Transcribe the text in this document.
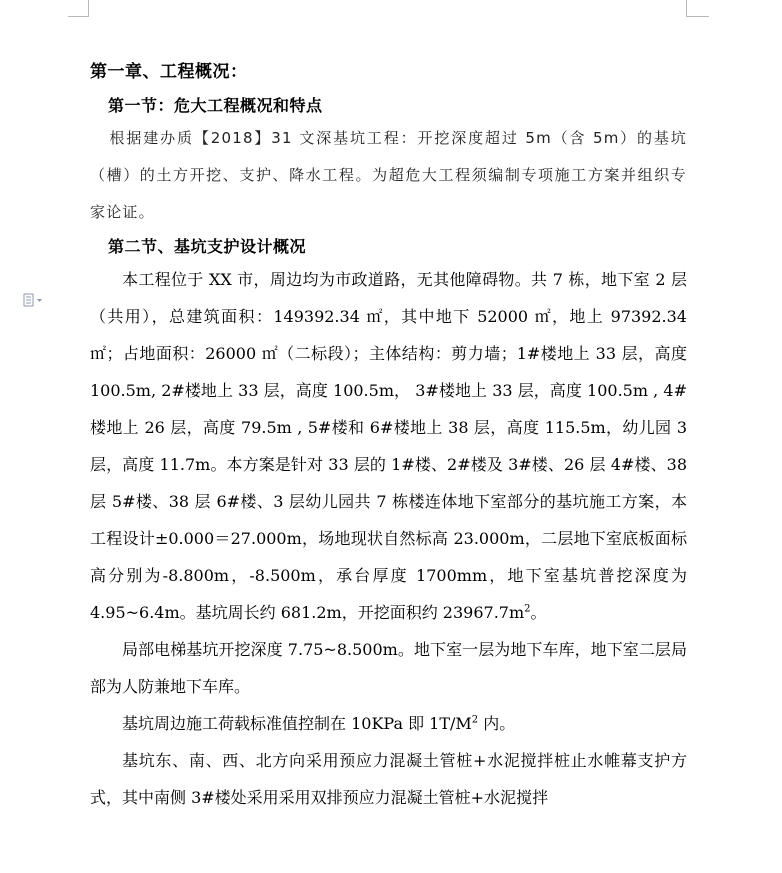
第一章、工程概况：
第一节：危大工程概况和特点

根据建办质【2018】31 文深基坑工程：开挖深度超过 5m（含 5m）的基坑（槽）的土方开挖、支护、降水工程。为超危大工程须编制专项施工方案并组织专家论证。

第二节、基坑支护设计概况

本工程位于 XX 市，周边均为市政道路，无其他障碍物。共 7 栋，地下室 2 层（共用），总建筑面积：149392.34 ㎡，其中地下 52000 ㎡，地上 97392.34 ㎡；占地面积：26000 ㎡（二标段）；主体结构：剪力墙；1#楼地上 33 层，高度 100.5m, 2#楼地上 33 层，高度 100.5m， 3#楼地上 33 层，高度 100.5m , 4#楼地上 26 层，高度 79.5m , 5#楼和 6#楼地上 38 层，高度 115.5m，幼儿园 3 层，高度 11.7m。本方案是针对 33 层的 1#楼、2#楼及 3#楼、26 层 4#楼、38 层 5#楼、38 层 6#楼、3 层幼儿园共 7 栋楼连体地下室部分的基坑施工方案，本工程设计±0.000＝27.000m，场地现状自然标高 23.000m，二层地下室底板面标高分别为-8.800m，-8.500m，承台厚度 1700mm，地下室基坑普挖深度为 4.95~6.4m。基坑周长约 681.2m，开挖面积约 $23967.7m^2$。

局部电梯基坑开挖深度 7.75~8.500m。地下室一层为地下车库，地下室二层局部为人防兼地下车库。

基坑周边施工荷载标准值控制在 10KPa 即 $1T/M^2$ 内。

基坑东、南、西、北方向采用预应力混凝土管桩+水泥搅拌桩止水帷幕支护方式，其中南侧 3#楼处采用采用双排预应力混凝土管桩+水泥搅拌
